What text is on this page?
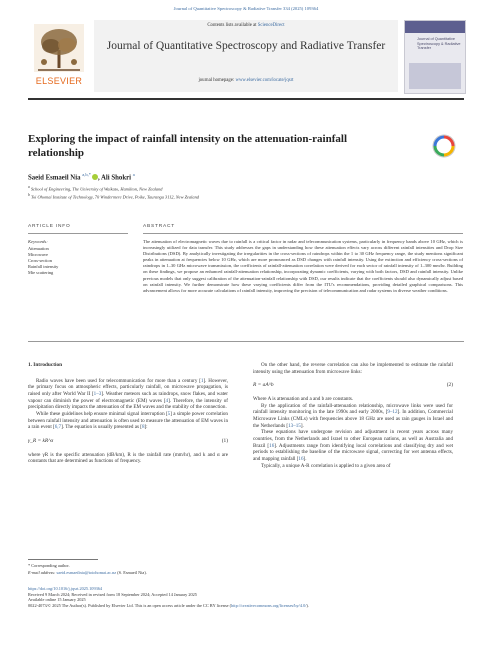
Journal of Quantitative Spectroscopy & Radiative Transfer 334 (2025) 109364
ELSEVIER
Contents lists available at ScienceDirect
Journal of Quantitative Spectroscopy and Radiative Transfer
journal homepage: www.elsevier.com/locate/jqsrt
Journal of Quantitative Spectroscopy & Radiative Transfer
Exploring the impact of rainfall intensity on the attenuation-rainfall relationship
Saeid Esmaeil Nia $^{a,b,*}$ , Ali Shokri $^a$
$^a$ School of Engineering, The University of Waikato, Hamilton, New Zealand
$^b$ Toi Ohomai Institute of Technology, 70 Windermere Drive, Poike, Tauranga 3112, New Zealand
ARTICLE INFO	ABSTRACT
Keywords:
Attenuation
Microwave
Cross-section
Rainfall intensity
Mie scattering
The attenuation of electromagnetic waves due to rainfall is a critical factor in radar and telecommunication systems, particularly in frequency bands above 10 GHz, which is increasingly utilized for data transfer. This study addresses the gaps in understanding how these attenuation effects vary across different rainfall intensities and Drop Size Distributions (DSD). By analytically investigating the irregularities in the cross-sections of raindrops within the 1 to 30 GHz frequency range, the study mentions significant peaks in attenuation at frequencies below 10 GHz, which are more pronounced as DSD changes with rainfall intensity. Using the extinction and efficiency cross-sections of raindrops in 1–30 GHz microwave transmission, the coefficients of rainfall-attenuation correlation were derived for each sector of rainfall intensity of 1–300 mm/hr. Building on these findings, we propose an enhanced rainfall-attenuation relationship, incorporating dynamic coefficients, varying with both factors, DSD and rainfall intensity. Unlike previous models that only suggest calibration of the attenuation-rainfall relationship with DSD, our results indicate that the coefficients should also dynamically adjust based on rainfall intensity. We further demonstrate how these varying coefficients differ from the ITU's recommendations, providing detailed graphical comparisons. This advancement allows for more accurate calculations of rainfall intensity, improving the precision of telecommunication and radar systems in diverse weather conditions.

1. Introduction

Radio waves have been used for telecommunication for more than a century [1]. However, the primary focus on atmospheric effects, particularly rainfall, on microwave propagation, is raised only after World War II [1–3]. Weather meteors such as raindrops, snow flakes, and water vapour can diminish the power of electromagnetic (EM) waves [4]. Therefore, the intensity of precipitation directly impacts the attenuation of the EM waves and the stability of the connection.

While these guidelines help ensure minimal signal interruption [5] a simple power correlation between rainfall intensity and attenuation is often used to measure the attenuation of EM waves in a rain event [6,7]. The equation is usually presented as [8]:

γ_R = kR^α	(1)

where γR is the specific attenuation (dB/km), R is the rainfall rate (mm/hr), and k and α are constants that are determined as functions of frequency.

On the other hand, the reverse correlation can also be implemented to estimate the rainfall intensity using the attenuation from microwave links:

R = aA^b	(2)

Where A is attenuation and a and b are constants.

By the application of the rainfall-attenuation relationship, microwave links were used for rainfall intensity monitoring in the late 1990s and early 2000s, [9–12]. In addition, Commercial Microwave Links (CMLs) with frequencies above 18 GHz are used as rain gauges in Israel and the Netherlands [13–15].

These equations have undergone revision and adjustment in recent years across many countries, from the Netherlands and Israel to other European nations, as well as Australia and Brazil [16]. Adjustments range from identifying local correlations and classifying dry and wet periods to establishing the baseline of the microwave signal, correcting for wet antenna effects, and mapping rainfall [16].

Typically, a unique A-R correlation is applied to a given area of

* Corresponding author.
E-mail address: saeid.esmaeilnia@toiohomai.ac.nz (S. Esmaeil Nia).
https://doi.org/10.1016/j.jqsrt.2025.109364
Received 9 March 2024; Received in revised form 18 September 2024; Accepted 14 January 2025
Available online 15 January 2025
0022-4073/© 2025 The Author(s). Published by Elsevier Ltd. This is an open access article under the CC BY license (http://creativecommons.org/licenses/by/4.0/).
